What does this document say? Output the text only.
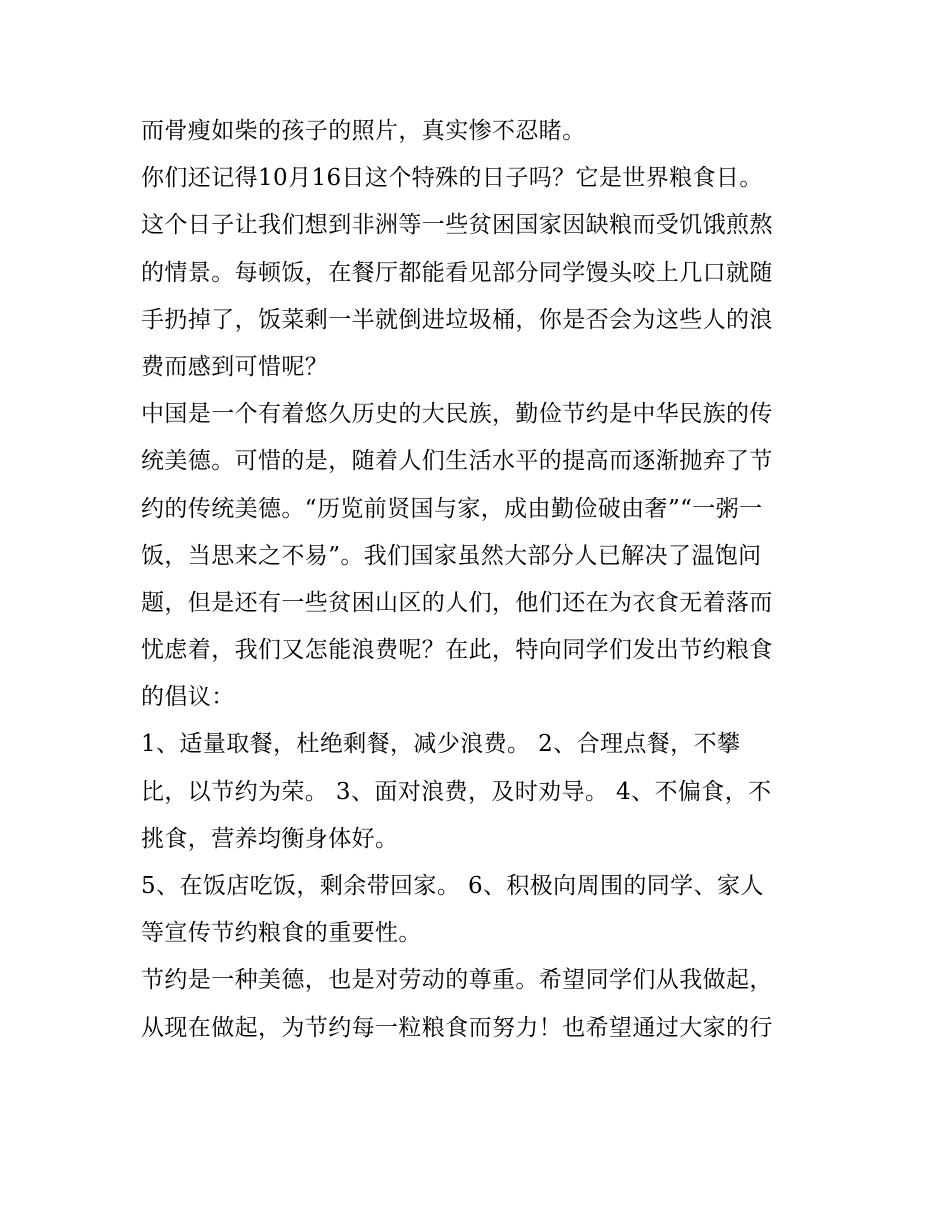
而骨瘦如柴的孩子的照片，真实惨不忍睹。
你们还记得10月16日这个特殊的日子吗？它是世界粮食日。
这个日子让我们想到非洲等一些贫困国家因缺粮而受饥饿煎熬
的情景。每顿饭，在餐厅都能看见部分同学馒头咬上几口就随
手扔掉了，饭菜剩一半就倒进垃圾桶，你是否会为这些人的浪
费而感到可惜呢？
中国是一个有着悠久历史的大民族，勤俭节约是中华民族的传
统美德。可惜的是，随着人们生活水平的提高而逐渐抛弃了节
约的传统美德。“历览前贤国与家，成由勤俭破由奢”“一粥一
饭，当思来之不易”。我们国家虽然大部分人已解决了温饱问
题，但是还有一些贫困山区的人们，他们还在为衣食无着落而
忧虑着，我们又怎能浪费呢？在此，特向同学们发出节约粮食
的倡议：
1、适量取餐，杜绝剩餐，减少浪费。 2、合理点餐，不攀
比，以节约为荣。 3、面对浪费，及时劝导。 4、不偏食，不
挑食，营养均衡身体好。
5、在饭店吃饭，剩余带回家。 6、积极向周围的同学、家人
等宣传节约粮食的重要性。
节约是一种美德，也是对劳动的尊重。希望同学们从我做起，
从现在做起，为节约每一粒粮食而努力！也希望通过大家的行
